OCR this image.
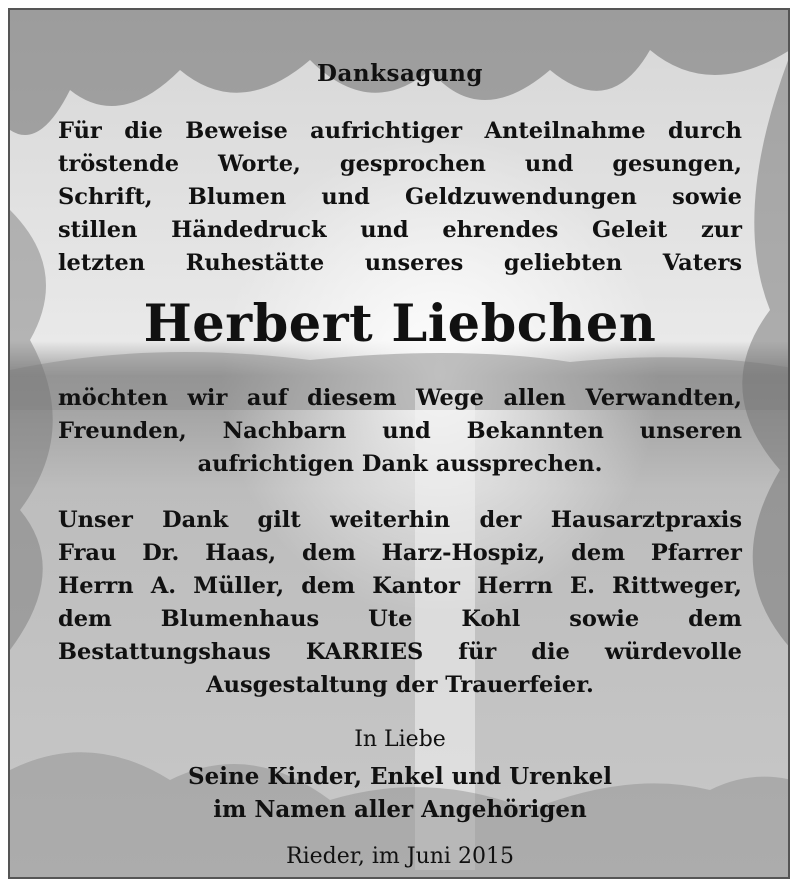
Danksagung
Für die Beweise aufrichtiger Anteilnahme durch
tröstende Worte, gesprochen und gesungen,
Schrift, Blumen und Geldzuwendungen sowie
stillen Händedruck und ehrendes Geleit zur
letzten Ruhestätte unseres geliebten Vaters
Herbert Liebchen
möchten wir auf diesem Wege allen Verwandten,
Freunden, Nachbarn und Bekannten unseren
aufrichtigen Dank aussprechen.
Unser Dank gilt weiterhin der Hausarztpraxis
Frau Dr. Haas, dem Harz-Hospiz, dem Pfarrer
Herrn A. Müller, dem Kantor Herrn E. Rittweger,
dem Blumenhaus Ute Kohl sowie dem
Bestattungshaus KARRIES für die würdevolle
Ausgestaltung der Trauerfeier.
In Liebe
Seine Kinder, Enkel und Urenkel
im Namen aller Angehörigen
Rieder, im Juni 2015
